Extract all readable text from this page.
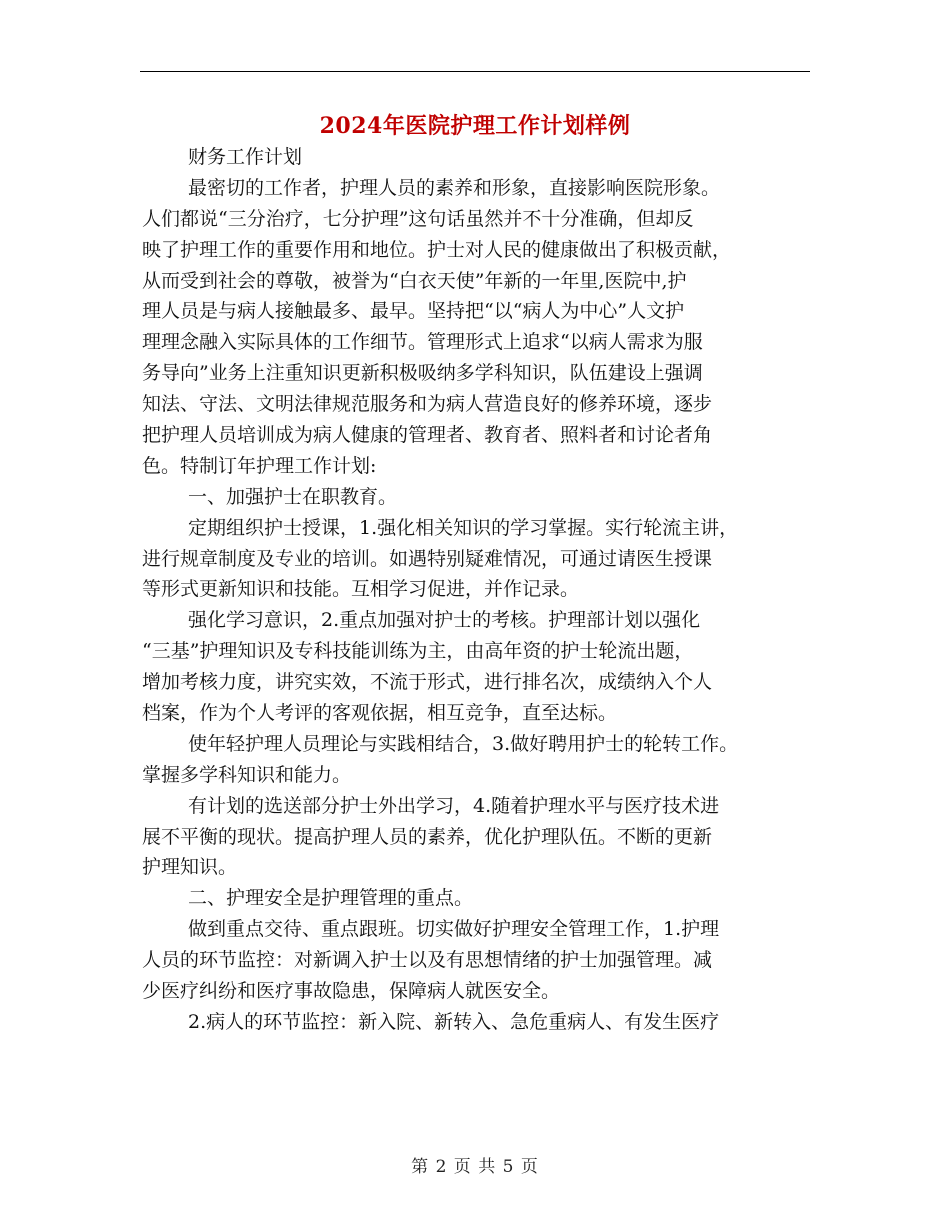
2024年医院护理工作计划样例
财务工作计划
最密切的工作者，护理人员的素养和形象，直接影响医院形象。
人们都说“三分治疗，七分护理”这句话虽然并不十分准确，但却反
映了护理工作的重要作用和地位。护士对人民的健康做出了积极贡献，
从而受到社会的尊敬，被誉为“白衣天使”年新的一年里,医院中,护
理人员是与病人接触最多、最早。坚持把“以“病人为中心”人文护
理理念融入实际具体的工作细节。管理形式上追求“以病人需求为服
务导向”业务上注重知识更新积极吸纳多学科知识，队伍建设上强调
知法、守法、文明法律规范服务和为病人营造良好的修养环境，逐步
把护理人员培训成为病人健康的管理者、教育者、照料者和讨论者角
色。特制订年护理工作计划:
一、加强护士在职教育。
定期组织护士授课，1.强化相关知识的学习掌握。实行轮流主讲，
进行规章制度及专业的培训。如遇特别疑难情况，可通过请医生授课
等形式更新知识和技能。互相学习促进，并作记录。
强化学习意识，2.重点加强对护士的考核。护理部计划以强化
“三基”护理知识及专科技能训练为主，由高年资的护士轮流出题，
增加考核力度，讲究实效，不流于形式，进行排名次，成绩纳入个人
档案，作为个人考评的客观依据，相互竞争，直至达标。
使年轻护理人员理论与实践相结合，3.做好聘用护士的轮转工作。
掌握多学科知识和能力。
有计划的选送部分护士外出学习，4.随着护理水平与医疗技术进
展不平衡的现状。提高护理人员的素养，优化护理队伍。不断的更新
护理知识。
二、护理安全是护理管理的重点。
做到重点交待、重点跟班。切实做好护理安全管理工作，1.护理
人员的环节监控：对新调入护士以及有思想情绪的护士加强管理。减
少医疗纠纷和医疗事故隐患，保障病人就医安全。
2.病人的环节监控：新入院、新转入、急危重病人、有发生医疗
第 2 页 共 5 页
